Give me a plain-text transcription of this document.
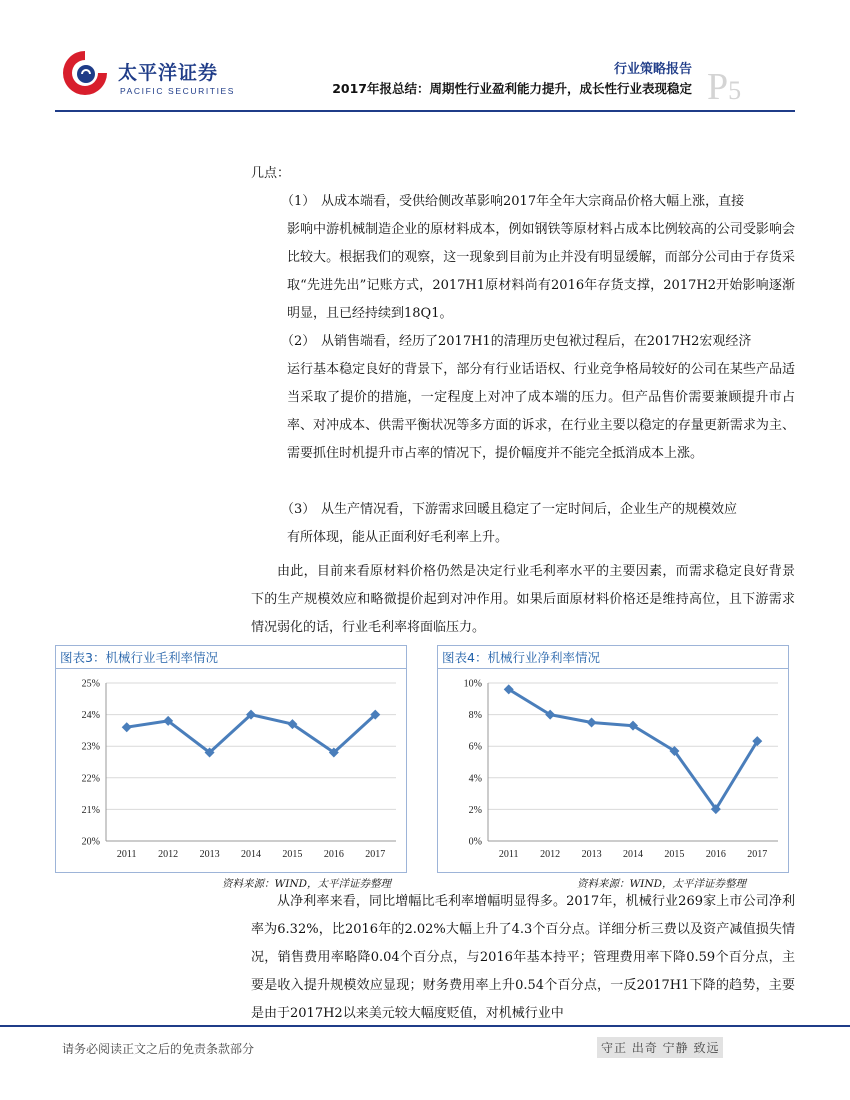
太平洋证券
PACIFIC SECURITIES
行业策略报告
2017年报总结：周期性行业盈利能力提升，成长性行业表现稳定 P5
几点：
（1） 从成本端看，受供给侧改革影响2017年全年大宗商品价格大幅上涨，直接
影响中游机械制造企业的原材料成本，例如钢铁等原材料占成本比例较高的公司受影响会比较大。根据我们的观察，这一现象到目前为止并没有明显缓解，而部分公司由于存货采取“先进先出”记账方式，2017H1原材料尚有2016年存货支撑，2017H2开始影响逐渐明显，且已经持续到18Q1。
（2） 从销售端看，经历了2017H1的清理历史包袱过程后，在2017H2宏观经济
运行基本稳定良好的背景下，部分有行业话语权、行业竞争格局较好的公司在某些产品适当采取了提价的措施，一定程度上对冲了成本端的压力。但产品售价需要兼顾提升市占率、对冲成本、供需平衡状况等多方面的诉求，在行业主要以稳定的存量更新需求为主、需要抓住时机提升市占率的情况下，提价幅度并不能完全抵消成本上涨。
（3） 从生产情况看，下游需求回暖且稳定了一定时间后，企业生产的规模效应
有所体现，能从正面利好毛利率上升。
由此，目前来看原材料价格仍然是决定行业毛利率水平的主要因素，而需求稳定良好背景下的生产规模效应和略微提价起到对冲作用。如果后面原材料价格还是维持高位，且下游需求情况弱化的话，行业毛利率将面临压力。
图表3：机械行业毛利率情况
20%
21%
22%
23%
24%
25%
2011 2012 2013 2014 2015 2016 2017
资料来源：WIND，太平洋证券整理
图表4：机械行业净利率情况
0%
2%
4%
6%
8%
10%
2011 2012 2013 2014 2015 2016 2017
资料来源：WIND，太平洋证券整理
从净利率来看，同比增幅比毛利率增幅明显得多。2017年，机械行业269家上市公司净利率为6.32%，比2016年的2.02%大幅上升了4.3个百分点。详细分析三费以及资产减值损失情况，销售费用率略降0.04个百分点，与2016年基本持平；管理费用率下降0.59个百分点，主要是收入提升规模效应显现；财务费用率上升0.54个百分点，一反2017H1下降的趋势，主要是由于2017H2以来美元较大幅度贬值，对机械行业中
请务必阅读正文之后的免责条款部分	守正 出奇 宁静 致远
